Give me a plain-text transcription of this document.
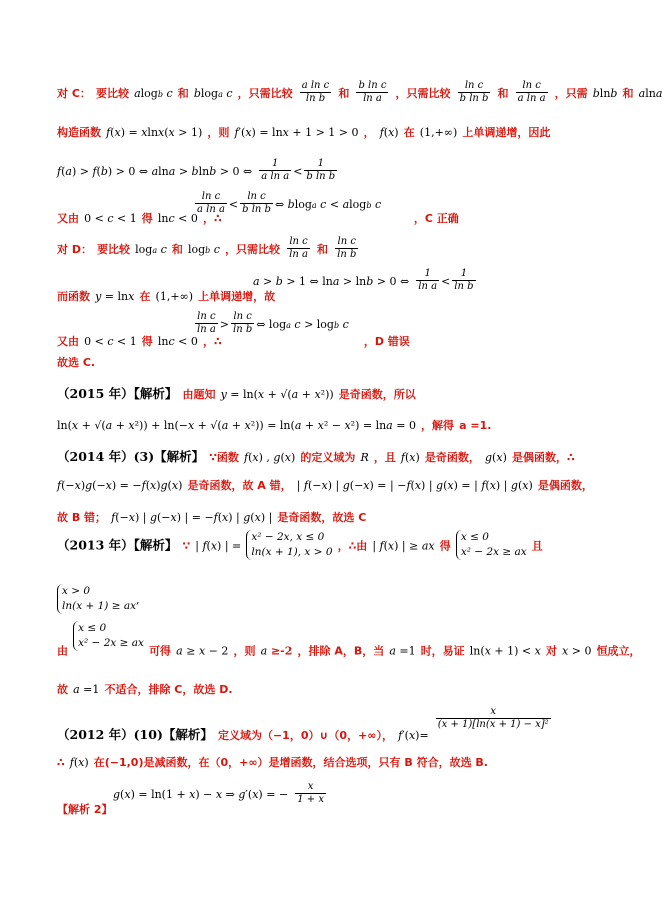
对 C： 要比较 alogb c 和 bloga c ，只需比较 $\frac{\text{a ln c}}{\text{ln b}}$ 和 $\frac{\text{b ln c}}{\text{ln a}}$ ，只需比较 $\frac{\text{ln c}}{\text{b ln b}}$ 和 $\frac{\text{ln c}}{\text{a ln a}}$ ，只需 blnb 和 alna
构造函数 f(x) = xlnx(x > 1) ，则 f′(x) = lnx + 1 > 1 > 0 ， f(x) 在 (1,+∞) 上单调递增，因此
f(a) > f(b) > 0 ⇔ alna > blnb > 0 ⇔ $\frac{1}{\text{a ln a}} < \frac{1}{\text{b ln b}}$
$\frac{\text{ln c}}{\text{a ln a}} < \frac{\text{ln c}}{\text{b ln b}}$ ⇔ bloga c < alogb c
又由 0 < c < 1 得 lnc < 0 ，∴	，C 正确
对 D： 要比较 loga c 和 logb c ，只需比较 $\frac{\text{ln c}}{\text{ln a}}$ 和 $\frac{\text{ln c}}{\text{ln b}}$
a > b > 1 ⇔ lna > lnb > 0 ⇔ $\frac{1}{\text{ln a}} < \frac{1}{\text{ln b}}$
而函数 y = lnx 在 (1,+∞) 上单调递增，故
$\frac{\text{ln c}}{\text{ln a}} > \frac{\text{ln c}}{\text{ln b}}$ ⇔ loga c > logb c
又由 0 < c < 1 得 lnc < 0 ，∴	，D 错误
故选 C.
（2015 年）【解析】 由题知 y = ln(x + √(a + x²)) 是奇函数，所以
ln(x + √(a + x²)) + ln(−x + √(a + x²)) = ln(a + x² − x²) = lna = 0 ，解得 a =1.
（2014 年）(3)【解析】 ∵函数 f(x) , g(x) 的定义域为 R ，且 f(x) 是奇函数， g(x) 是偶函数，∴
f(−x)g(−x) = −f(x)g(x) 是奇函数，故 A 错， | f(−x) | g(−x) = | −f(x) | g(x) = | f(x) | g(x) 是偶函数，
故 B 错； f(−x) | g(−x) | = −f(x) | g(x) | 是奇函数，故选 C
（2013 年）【解析】 ∵ | f(x) | =
x² − 2x, x ≤ 0
ln(x + 1), x > 0 ，∴由 | f(x) | ≥ ax 得
x ≤ 0
x² − 2x ≥ ax 且
x > 0
ln(x + 1) ≥ ax ,
$_由$
x ≤ 0
x² − 2x ≥ ax
$_{可得}$ $_a$ $_\ge$ $_x$ $_{- 2}$ $_{,则}$ $_a$ $_{\ge-2}$ $_{,排除 A,B,当}$ $_a$ $_{=1}$ $_{时,易证}$ $_{ln(x}$ $_{+ 1) <}$ $_x$ $_对$ $_x$ $_{> 0}$ $_{恒成立,}$
故 a =1 不适合，排除 C，故选 D.
$_{(2012 年)(10)【解析】}$ $_{定义域为(-1,0)\cup(0,+\infty),}$ $_{f'(x)=}$
$\frac{x}{\text{(x + 1)[ln(x + 1) − x]²}}$
∴ f(x) 在(−1,0)是减函数，在（0，+∞）是增函数，结合选项，只有 B 符合，故选 B.
g(x) = ln(1 + x) − x ⇒ g′(x) = − $\frac{x}{1 + x}$
【解析 2】
